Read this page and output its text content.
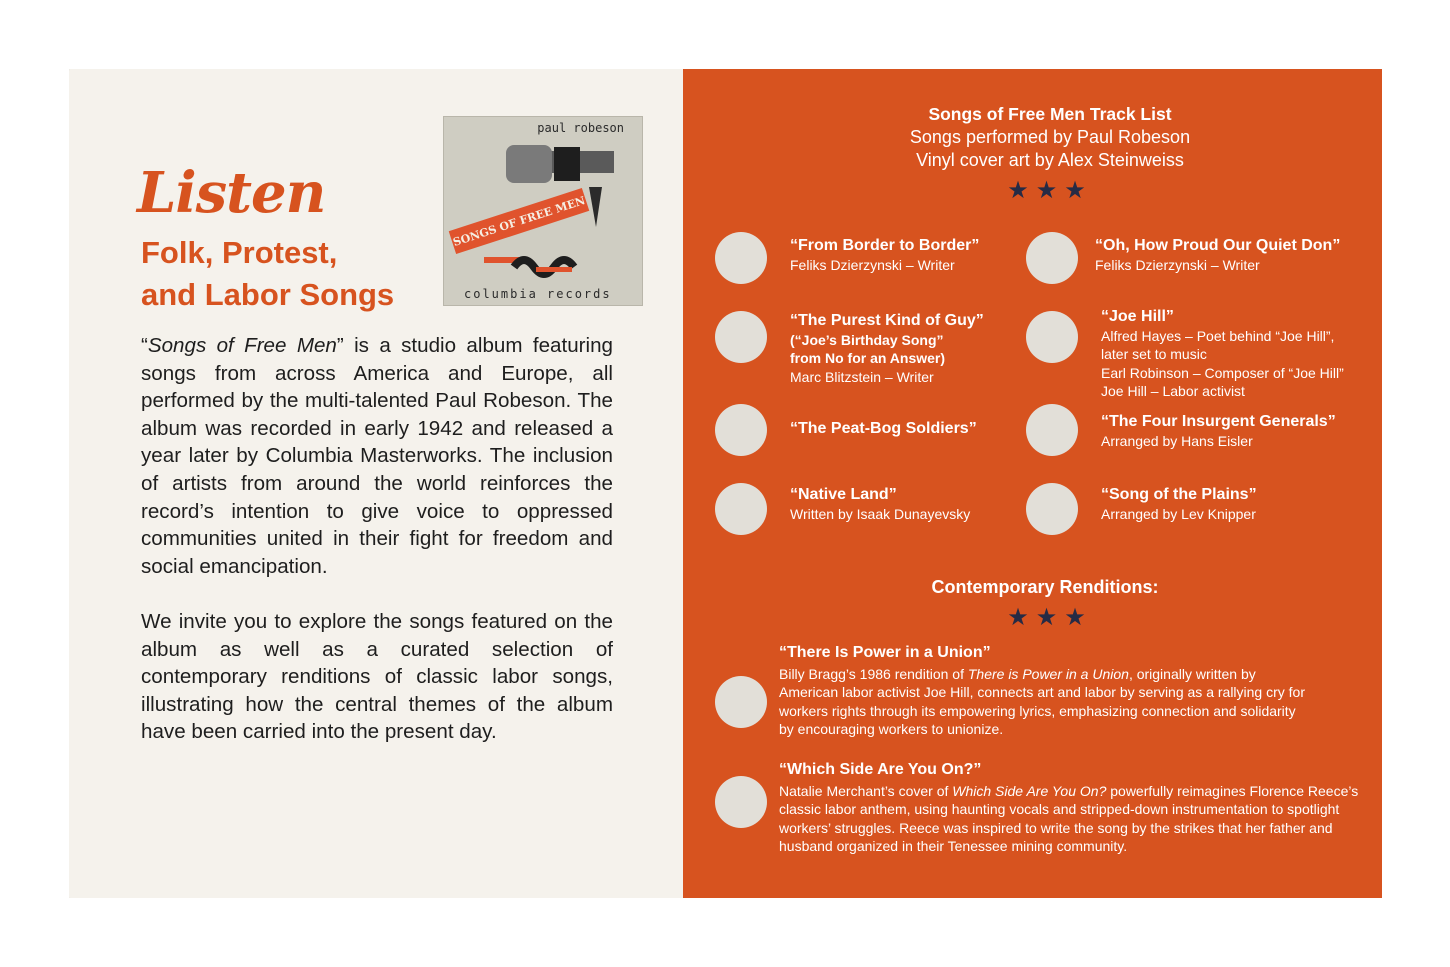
Listen
Folk, Protest,
and Labor Songs
paul robeson
SONGS OF FREE MEN
columbia records
“Songs of Free Men” is a studio album featuring songs from across America and Europe, all performed by the multi-talented Paul Robeson. The album was recorded in early 1942 and released a year later by Columbia Masterworks. The inclusion of artists from around the world reinforces the record’s intention to give voice to oppressed communities united in their fight for freedom and social emancipation.
We invite you to explore the songs featured on the album as well as a curated selection of contemporary renditions of classic labor songs, illustrating how the central themes of the album have been carried into the present day.
Songs of Free Men Track List
Songs performed by Paul Robeson
Vinyl cover art by Alex Steinweiss
★★★
“From Border to Border”
Feliks Dzierzynski – Writer
“Oh, How Proud Our Quiet Don”
Feliks Dzierzynski – Writer
“The Purest Kind of Guy”
(“Joe’s Birthday Song”
from No for an Answer)
Marc Blitzstein – Writer
“Joe Hill”
Alfred Hayes – Poet behind “Joe Hill”,
later set to music
Earl Robinson – Composer of “Joe Hill”
Joe Hill – Labor activist
“The Peat-Bog Soldiers”	“The Four Insurgent Generals”
Arranged by Hans Eisler
“Native Land”
Written by Isaak Dunayevsky
“Song of the Plains”
Arranged by Lev Knipper
Contemporary Renditions:
★★★
“There Is Power in a Union”
Billy Bragg’s 1986 rendition of There is Power in a Union, originally written by American labor activist Joe Hill, connects art and labor by serving as a rallying cry for workers rights through its empowering lyrics, emphasizing connection and solidarity by encouraging workers to unionize.
“Which Side Are You On?”
Natalie Merchant’s cover of Which Side Are You On? powerfully reimagines Florence Reece’s classic labor anthem, using haunting vocals and stripped-down instrumentation to spotlight workers’ struggles. Reece was inspired to write the song by the strikes that her father and husband organized in their Tenessee mining community.
